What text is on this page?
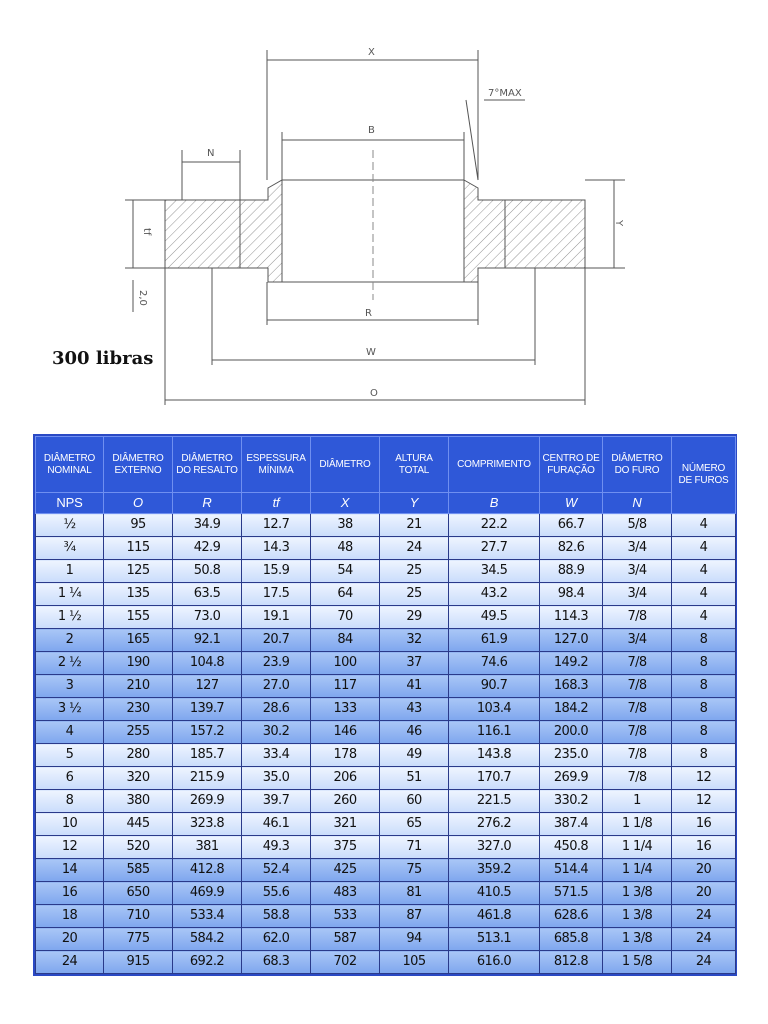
X
7°MAX
B
N
tf
Y
2,0
R
W
O
300 libras
DIÂMETRO NOMINAL	DIÂMETRO EXTERNO	DIÂMETRO DO RESALTO	ESPESSURA MÍNIMA	DIÂMETRO	ALTURA TOTAL	COMPRIMENTO	CENTRO DE FURAÇÃO	DIÂMETRO DO FURO	NÚMERO DE FUROS
NPS	O	R	tf	X	Y	B	W	N	
½	95	34.9	12.7	38	21	22.2	66.7	5/8	4
¾	115	42.9	14.3	48	24	27.7	82.6	3/4	4
1	125	50.8	15.9	54	25	34.5	88.9	3/4	4
1 ¼	135	63.5	17.5	64	25	43.2	98.4	3/4	4
1 ½	155	73.0	19.1	70	29	49.5	114.3	7/8	4
2	165	92.1	20.7	84	32	61.9	127.0	3/4	8
2 ½	190	104.8	23.9	100	37	74.6	149.2	7/8	8
3	210	127	27.0	117	41	90.7	168.3	7/8	8
3 ½	230	139.7	28.6	133	43	103.4	184.2	7/8	8
4	255	157.2	30.2	146	46	116.1	200.0	7/8	8
5	280	185.7	33.4	178	49	143.8	235.0	7/8	8
6	320	215.9	35.0	206	51	170.7	269.9	7/8	12
8	380	269.9	39.7	260	60	221.5	330.2	1	12
10	445	323.8	46.1	321	65	276.2	387.4	1 1/8	16
12	520	381	49.3	375	71	327.0	450.8	1 1/4	16
14	585	412.8	52.4	425	75	359.2	514.4	1 1/4	20
16	650	469.9	55.6	483	81	410.5	571.5	1 3/8	20
18	710	533.4	58.8	533	87	461.8	628.6	1 3/8	24
20	775	584.2	62.0	587	94	513.1	685.8	1 3/8	24
24	915	692.2	68.3	702	105	616.0	812.8	1 5/8	24
